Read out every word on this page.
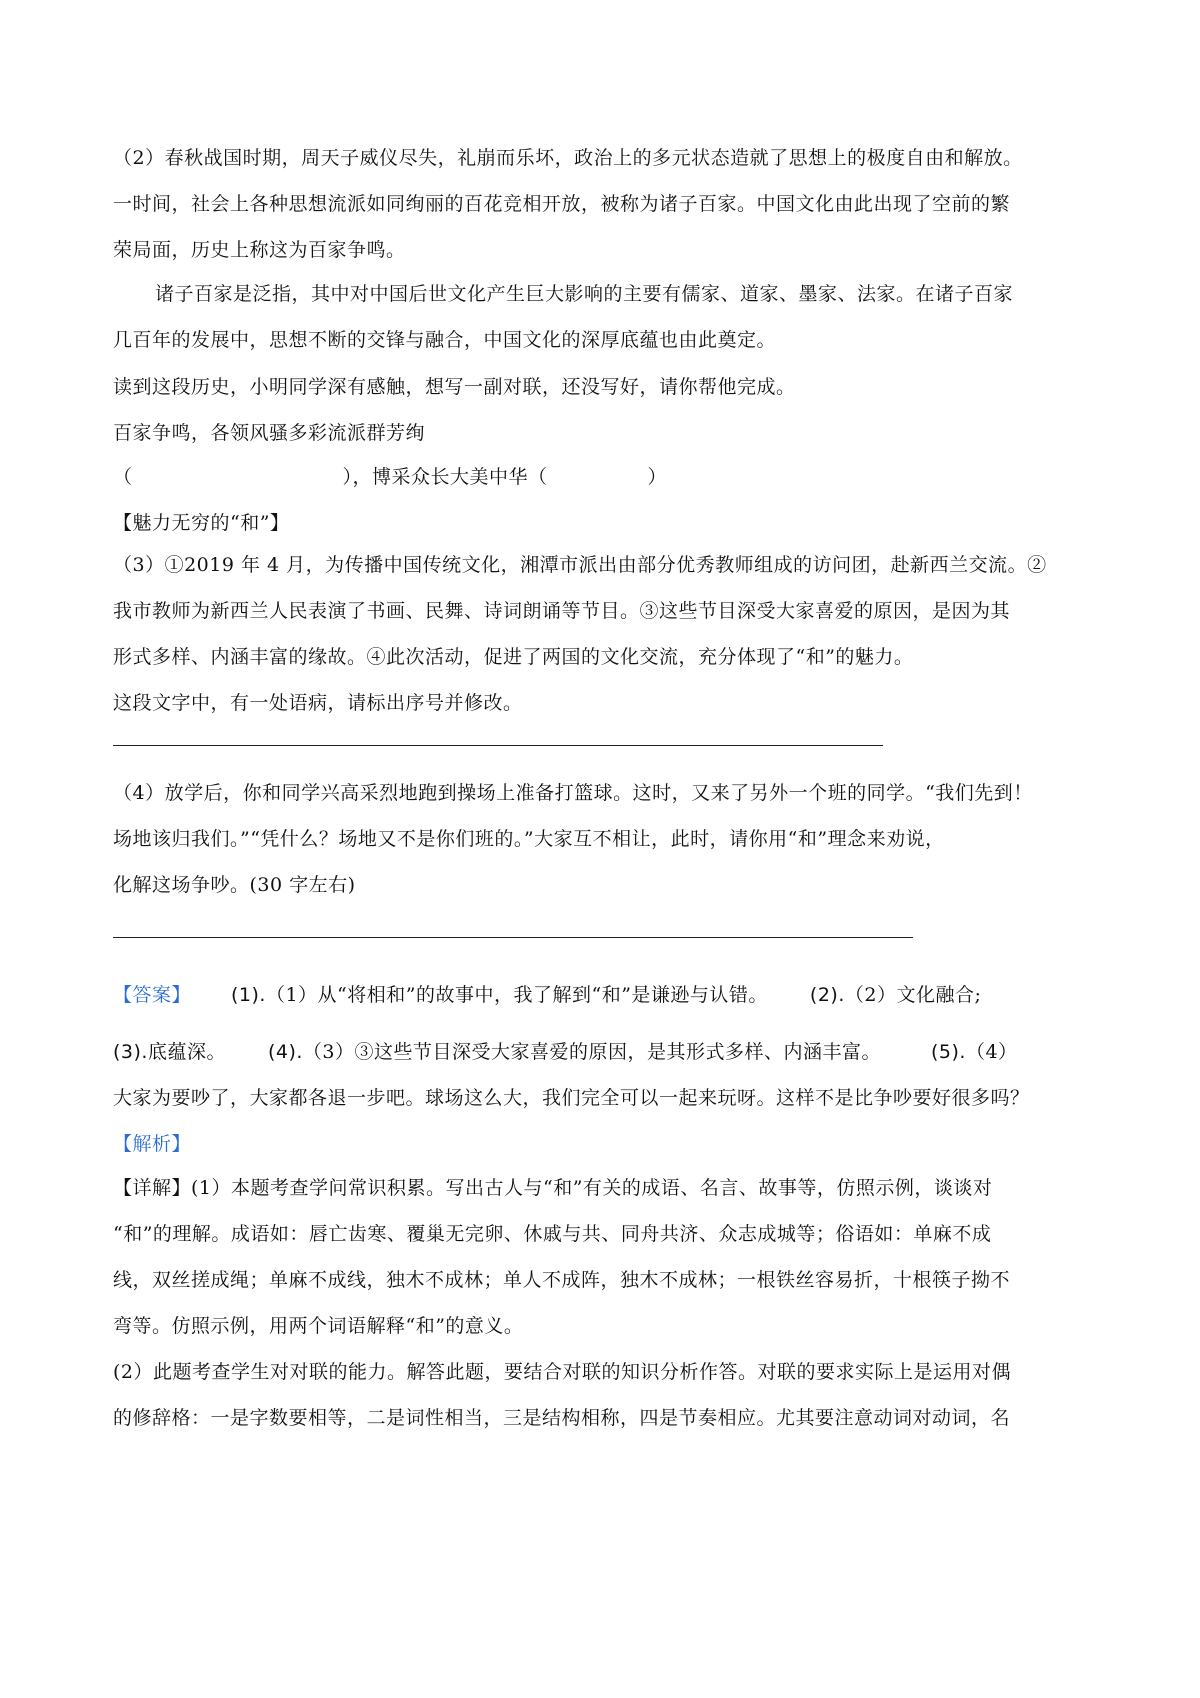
（2）春秋战国时期，周天子威仪尽失，礼崩而乐坏，政治上的多元状态造就了思想上的极度自由和解放。
一时间，社会上各种思想流派如同绚丽的百花竞相开放，被称为诸子百家。中国文化由此出现了空前的繁
荣局面，历史上称这为百家争鸣。
诸子百家是泛指，其中对中国后世文化产生巨大影响的主要有儒家、道家、墨家、法家。在诸子百家
几百年的发展中，思想不断的交锋与融合，中国文化的深厚底蕴也由此奠定。
读到这段历史，小明同学深有感触，想写一副对联，还没写好，请你帮他完成。
百家争鸣，各领风骚多彩流派群芳绚
（	），博采众长大美中华（	）
【魅力无穷的“和”】
（3）①2019 年 4 月，为传播中国传统文化，湘潭市派出由部分优秀教师组成的访问团，赴新西兰交流。②
我市教师为新西兰人民表演了书画、民舞、诗词朗诵等节目。③这些节目深受大家喜爱的原因，是因为其
形式多样、内涵丰富的缘故。④此次活动，促进了两国的文化交流，充分体现了“和”的魅力。
这段文字中，有一处语病，请标出序号并修改。
（4）放学后，你和同学兴高采烈地跑到操场上准备打篮球。这时，又来了另外一个班的同学。“我们先到！
场地该归我们。”“凭什么？场地又不是你们班的。”大家互不相让，此时，请你用“和”理念来劝说，
化解这场争吵。(30 字左右)
【答案】 (1).（1）从“将相和”的故事中，我了解到“和”是谦逊与认错。 (2).（2）文化融合;
(3).底蕴深。 (4).（3）③这些节目深受大家喜爱的原因，是其形式多样、内涵丰富。	(5).（4）
大家为要吵了，大家都各退一步吧。球场这么大，我们完全可以一起来玩呀。这样不是比争吵要好很多吗？
【解析】
【详解】(1）本题考查学问常识积累。写出古人与“和”有关的成语、名言、故事等，仿照示例，谈谈对
“和”的理解。成语如：唇亡齿寒、覆巢无完卵、休戚与共、同舟共济、众志成城等；俗语如：单麻不成
线，双丝搓成绳；单麻不成线，独木不成林；单人不成阵，独木不成林；一根铁丝容易折，十根筷子拗不
弯等。仿照示例，用两个词语解释“和”的意义。
(2）此题考查学生对对联的能力。解答此题，要结合对联的知识分析作答。对联的要求实际上是运用对偶
的修辞格：一是字数要相等，二是词性相当，三是结构相称，四是节奏相应。尤其要注意动词对动词，名
